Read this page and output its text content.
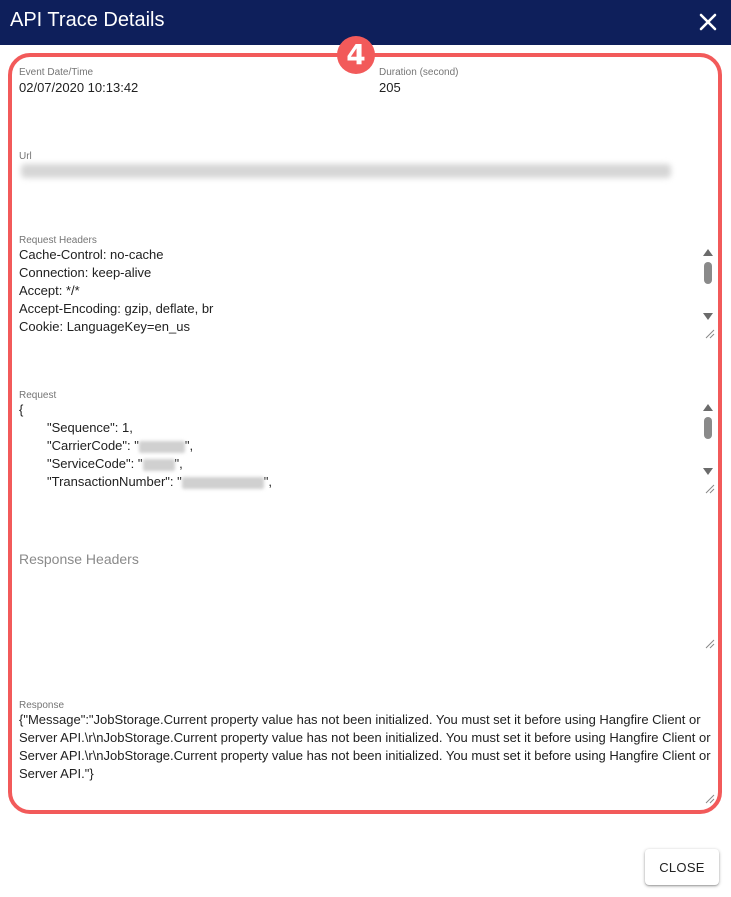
API Trace Details
4
Event Date/Time
02/07/2020 10:13:42
Duration (second)
205
Url
Request Headers
Cache-Control: no-cache
Connection: keep-alive
Accept: */*
Accept-Encoding: gzip, deflate, br
Cookie: LanguageKey=en_us
Request
{
"Sequence": 1,
"CarrierCode": "	",
"ServiceCode": " ",
"TransactionNumber": "	",
Response Headers
Response
{"Message":"JobStorage.Current property value has not been initialized. You must set it before using Hangfire Client or Server API.\r\nJobStorage.Current property value has not been initialized. You must set it before using Hangfire Client or Server API.\r\nJobStorage.Current property value has not been initialized. You must set it before using Hangfire Client or Server API."}
CLOSE
